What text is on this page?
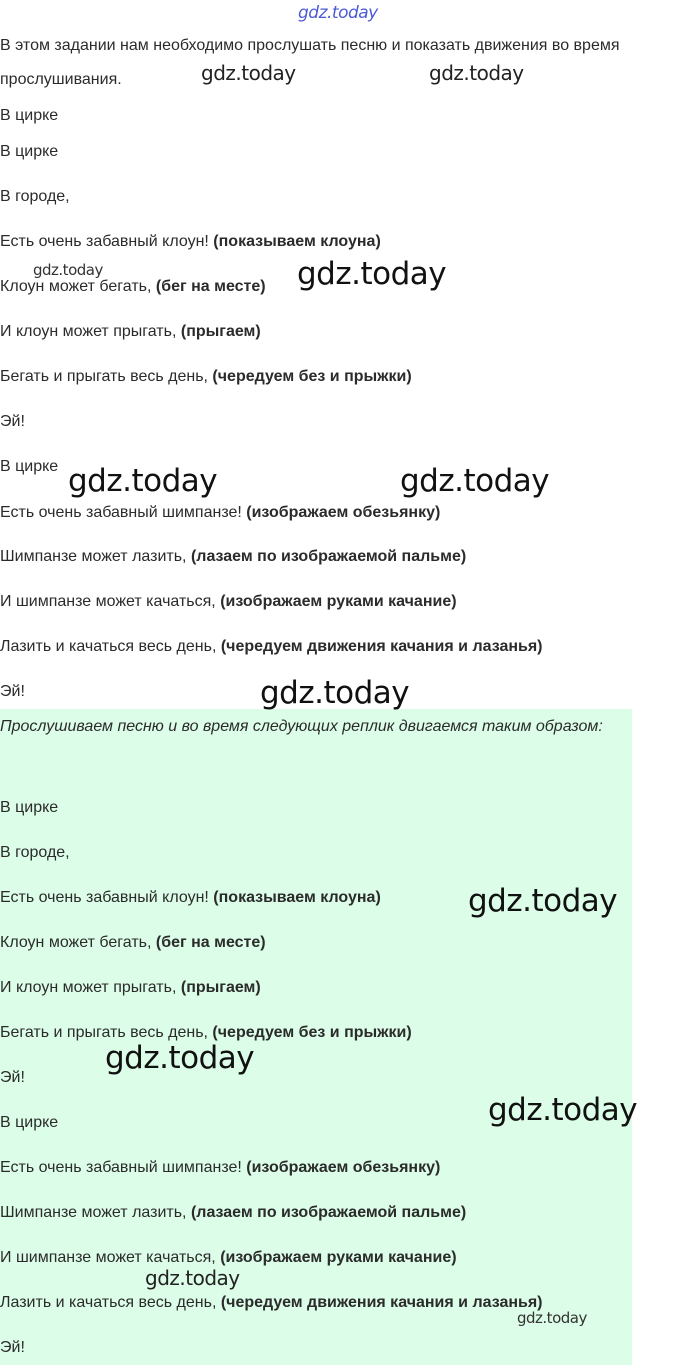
В этом задании нам необходимо прослушать песню и показать движения во время прослушивания.

В цирке

В цирке

В городе,

Есть очень забавный клоун! (показываем клоуна)

Клоун может бегать, (бег на месте)

И клоун может прыгать, (прыгаем)

Бегать и прыгать весь день, (чередуем без и прыжки)

Эй!

В цирке

Есть очень забавный шимпанзе! (изображаем обезьянку)

Шимпанзе может лазить, (лазаем по изображаемой пальме)

И шимпанзе может качаться, (изображаем руками качание)

Лазить и качаться весь день, (чередуем движения качания и лазанья)

Эй!

Прослушиваем песню и во время следующих реплик двигаемся таким образом:

В цирке

В городе,

Есть очень забавный клоун! (показываем клоуна)

Клоун может бегать, (бег на месте)

И клоун может прыгать, (прыгаем)

Бегать и прыгать весь день, (чередуем без и прыжки)

Эй!

В цирке

Есть очень забавный шимпанзе! (изображаем обезьянку)

Шимпанзе может лазить, (лазаем по изображаемой пальме)

И шимпанзе может качаться, (изображаем руками качание)

Лазить и качаться весь день, (чередуем движения качания и лазанья)

Эй!

gdz.today
gdz.today	gdz.today
gdz.today	gdz.today
gdz.today	gdz.today
gdz.today
gdz.today
gdz.today
gdz.today
gdz.today
gdz.today
